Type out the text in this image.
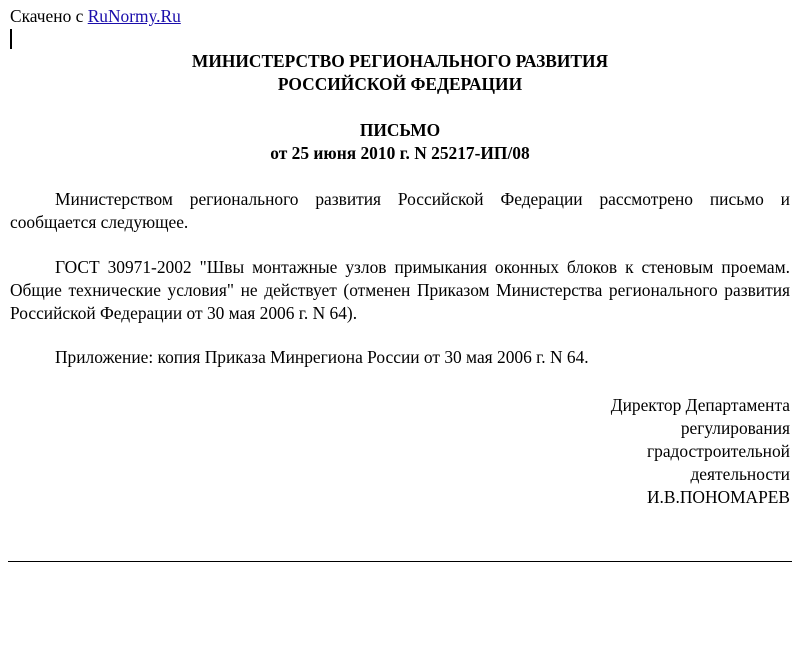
Скачено с RuNormy.Ru
МИНИСТЕРСТВО РЕГИОНАЛЬНОГО РАЗВИТИЯ
РОССИЙСКОЙ ФЕДЕРАЦИИ
ПИСЬМО
от 25 июня 2010 г. N 25217-ИП/08

Министерством регионального развития Российской Федерации рассмотрено письмо и сообщается следующее.

ГОСТ 30971-2002 "Швы монтажные узлов примыкания оконных блоков к стеновым проемам. Общие технические условия" не действует (отменен Приказом Министерства регионального развития Российской Федерации от 30 мая 2006 г. N 64).

Приложение: копия Приказа Минрегиона России от 30 мая 2006 г. N 64.

Директор Департамента
регулирования
градостроительной
деятельности
И.В.ПОНОМАРЕВ
